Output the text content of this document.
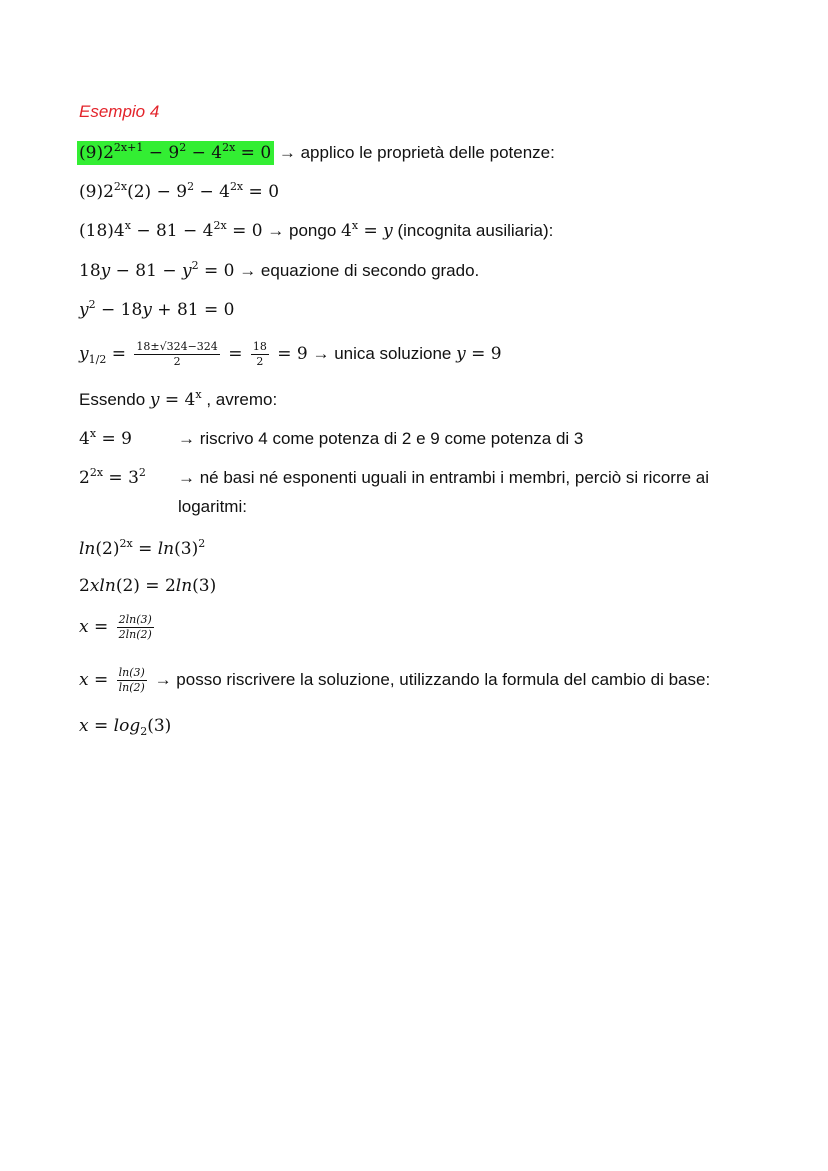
Esempio 4
$(9)2^{2x+1} - 9^2 - 4^{2x} = 0$ → applico le proprietà delle potenze:
$(9)2^{2x}(2) - 9^2 - 4^{2x} = 0$
$(18)4^x - 81 - 4^{2x} = 0$ → pongo $4^x = y$ (incognita ausiliaria):
$18y - 81 - y^2 = 0$ → equazione di secondo grado.
$y^2 - 18y + 81 = 0$
$y_{1/2} = \frac{18\pm√324-324}{2} = \frac{18}{2} = 9$ → unica soluzione y = 9
Essendo $y = 4^x$ , avremo:
$4^x = 9$	→ riscrivo 4 come potenza di 2 e 9 come potenza di 3
$2^{2x} = 3^2$ → né basi né esponenti uguali in entrambi i membri, perciò si ricorre ai
logaritmi:
$\ln(2)^{2x} = \ln(3)^2$
2xln(2) = 2ln(3)
$x = \frac{2\ln(3)}{2\ln(2)}$
$x = \frac{\ln(3)}{\ln(2)}$ → posso riscrivere la soluzione, utilizzando la formula del cambio di base:
$x = \log_2(3)$
